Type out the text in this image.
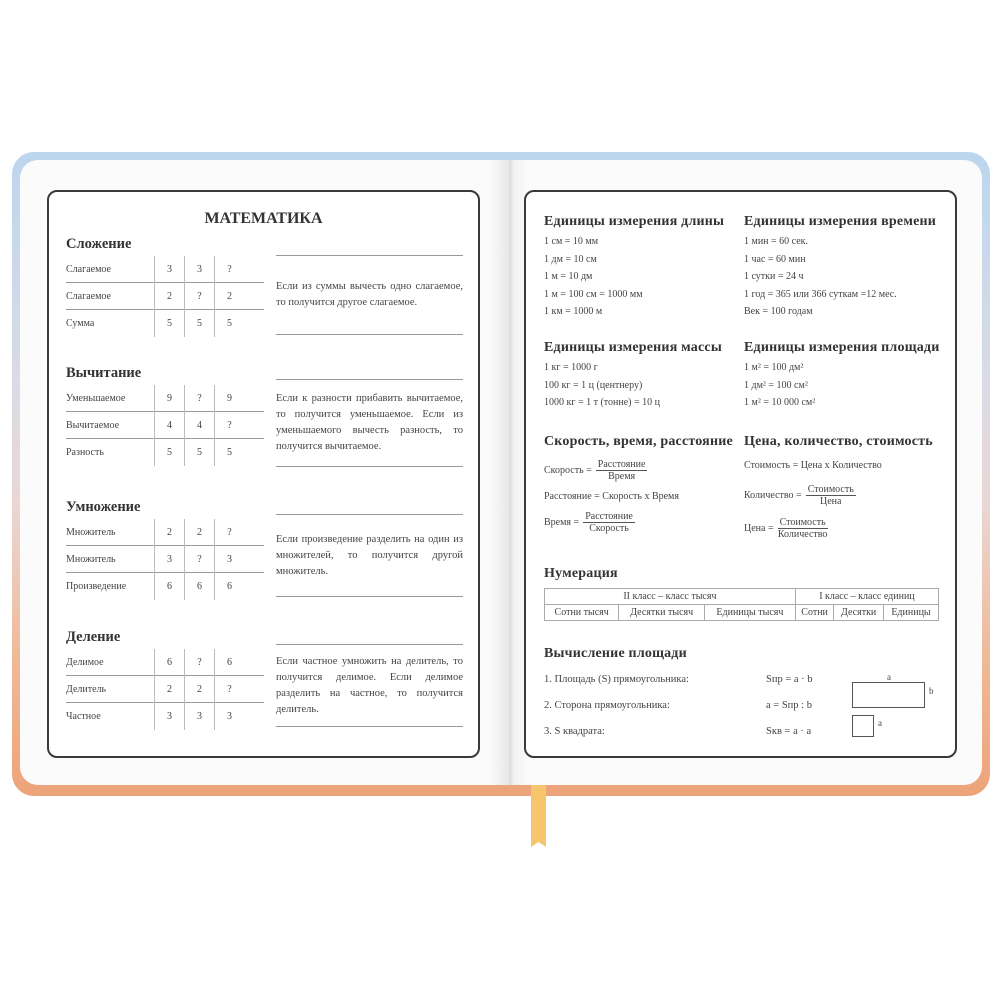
МАТЕМАТИКА
Сложение
Слагаемое	3	3	?
Слагаемое	2	?	2
Сумма	5	5	5
Если из суммы вычесть одно слагаемое, то получится другое слагаемое.
Вычитание
Уменьшаемое	9	?	9
Вычитаемое	4	4	?
Разность	5	5	5
Если к разности прибавить вычитаемое, то получится уменьшаемое. Если из уменьшаемого вычесть разность, то получится вычитаемое.
Умножение
Множитель	2	2	?
Множитель	3	?	3
Произведение	6	6	6
Если произведение разделить на один из множителей, то получится другой множитель.
Деление
Делимое	6	?	6
Делитель	2	2	?
Частное	3	3	3
Если частное умножить на делитель, то получится делимое. Если делимое разделить на частное, то получится делитель.
Единицы измерения длины
1 см = 10 мм
1 дм = 10 см
1 м = 10 дм
1 м = 100 см = 1000 мм
1 км = 1000 м
Единицы измерения времени
1 мин = 60 сек.
1 час = 60 мин
1 сутки = 24 ч
1 год = 365 или 366 суткам =12 мес.
Век = 100 годам
Единицы измерения массы
1 кг = 1000 г
100 кг = 1 ц (центнеру)
1000 кг = 1 т (тонне) = 10 ц
Единицы измерения площади
1 м² = 100 дм²
1 дм² = 100 см²
1 м² = 10 000 см²
Скорость, время, расстояние
Скорость =
Расстояние
Время
Расстояние = Скорость x Время
Время =
Расстояние
Скорость
Цена, количество, стоимость
Стоимость = Цена x Количество
Количество =
Стоимость
Цена
Цена =
Стоимость
Количество
Нумерация
II класс – класс тысяч			I класс – класс единиц		
Сотни тысяч	Десятки тысяч	Единицы тысяч	Сотни	Десятки	Единицы
Вычисление площади
1. Площадь (S) прямоугольника:	Sпр = a · b
2. Сторона прямоугольника:	a = Sпр : b
3. S квадрата:	Sкв = a · a
a
b
a
